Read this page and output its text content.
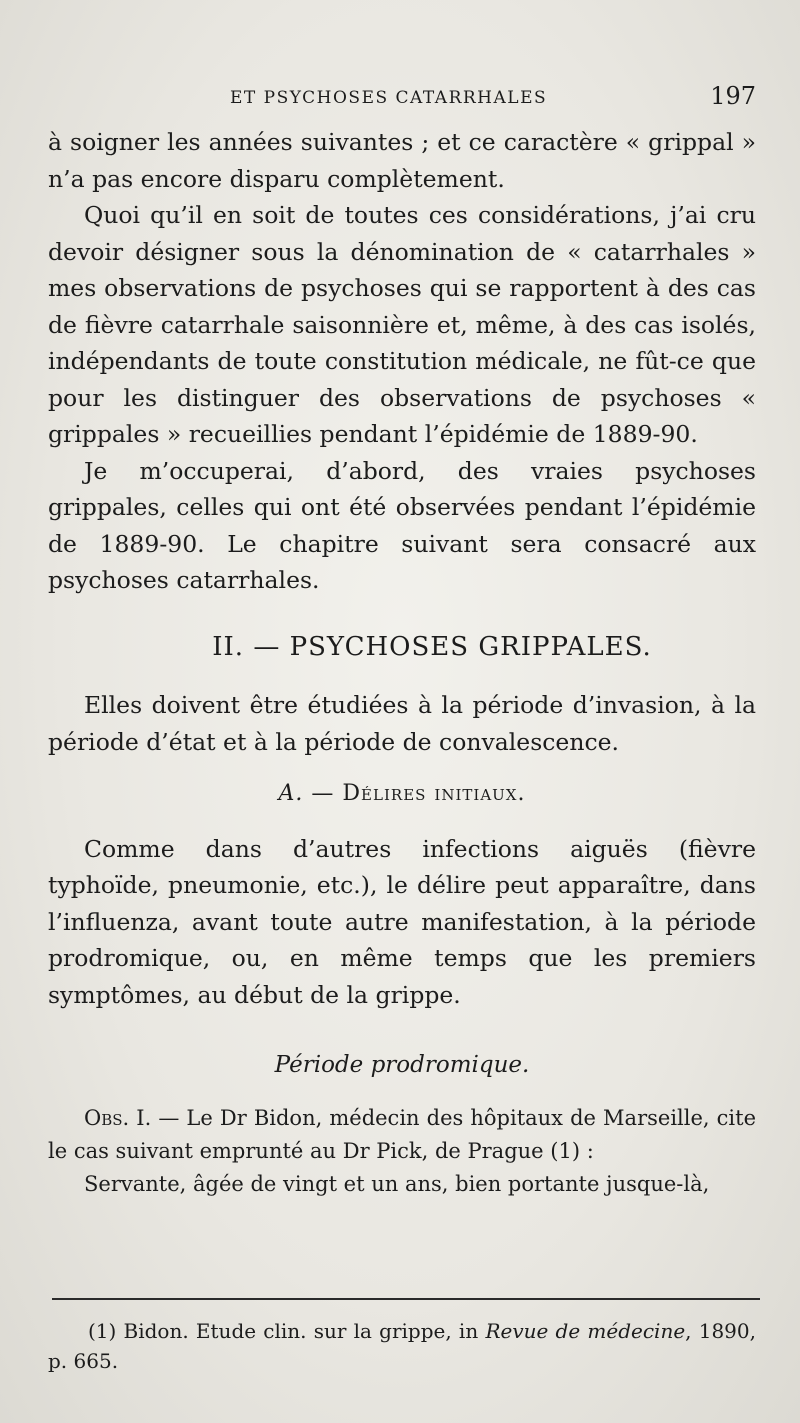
ET PSYCHOSES CATARRHALES	197

à soigner les années suivantes ; et ce caractère « grippal » n’a pas encore disparu complètement.

Quoi qu’il en soit de toutes ces considérations, j’ai cru devoir désigner sous la dénomination de « catarrhales » mes observations de psychoses qui se rapportent à des cas de fièvre catarrhale saisonnière et, même, à des cas isolés, indépendants de toute constitution médicale, ne fût-ce que pour les distinguer des observations de psychoses « grippales » recueillies pendant l’épidémie de 1889-90.

Je m’occuperai, d’abord, des vraies psychoses grippales, celles qui ont été observées pendant l’épidémie de 1889-90. Le chapitre suivant sera consacré aux psychoses catarrhales.

II. — PSYCHOSES GRIPPALES.

Elles doivent être étudiées à la période d’invasion, à la période d’état et à la période de convalescence.

A. — Délires initiaux.

Comme dans d’autres infections aiguës (fièvre typhoïde, pneumonie, etc.), le délire peut apparaître, dans l’influenza, avant toute autre manifestation, à la période prodromique, ou, en même temps que les premiers symptômes, au début de la grippe.

Période prodromique.

Obs. I. — Le Dr Bidon, médecin des hôpitaux de Marseille, cite le cas suivant emprunté au Dr Pick, de Prague (1) :

Servante, âgée de vingt et un ans, bien portante jusque-là,

(1) Bidon. Etude clin. sur la grippe, in Revue de médecine, 1890, p. 665.
